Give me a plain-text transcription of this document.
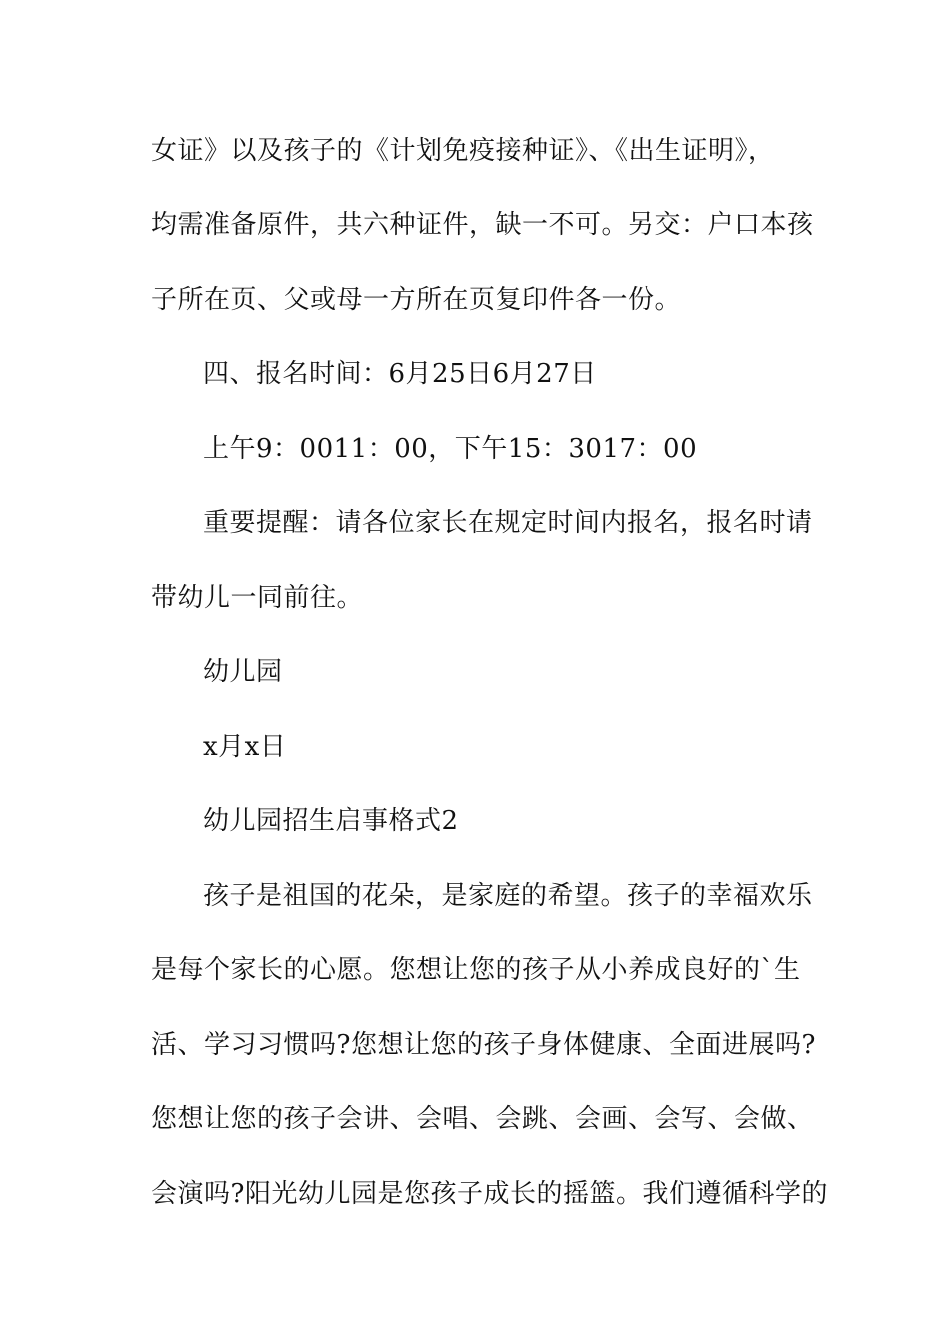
女证》以及孩子的《计划免疫接种证》、《出生证明》，
均需准备原件，共六种证件，缺一不可。另交：户口本孩
子所在页、父或母一方所在页复印件各一份。
四、报名时间：6月25日6月27日
上午9：0011：00，下午15：3017：00
重要提醒：请各位家长在规定时间内报名，报名时请
带幼儿一同前往。
幼儿园
x月x日
幼儿园招生启事格式2
孩子是祖国的花朵，是家庭的希望。孩子的幸福欢乐
是每个家长的心愿。您想让您的孩子从小养成良好的`生
活、学习习惯吗?您想让您的孩子身体健康、全面进展吗?
您想让您的孩子会讲、会唱、会跳、会画、会写、会做、
会演吗?阳光幼儿园是您孩子成长的摇篮。我们遵循科学的
